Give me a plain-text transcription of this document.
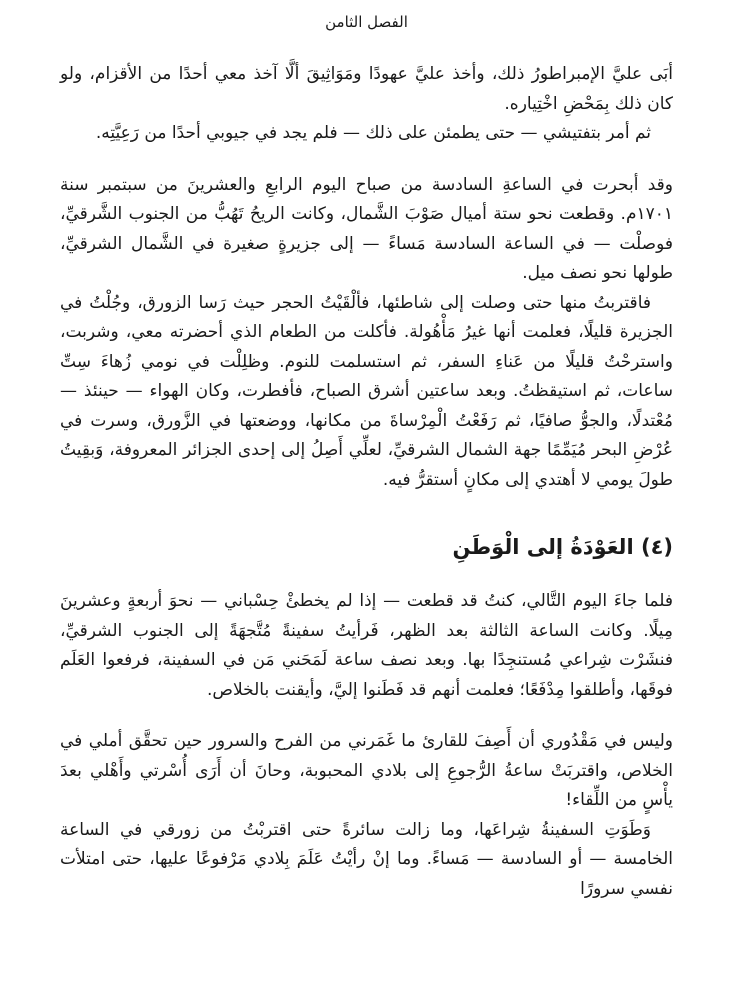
الفصل الثامن

أبَى عليَّ الإمبراطورُ ذلك، وأخذ عليَّ عهودًا ومَوَاثِيقَ ألَّا آخذ معي أحدًا من الأقزام، ولو كان ذلك بِمَحْضِ اخْتِياره.

ثم أمر بتفتيشي — حتى يطمئن على ذلك — فلم يجد في جيوبي أحدًا من رَعِيَّتِه.

وقد أبحرت في الساعةِ السادسة من صباح اليوم الرابعِ والعشرينَ من سبتمبر سنة ١٧٠١م. وقطعت نحو ستة أميال صَوْبَ الشَّمال، وكانت الريحُ تَهُبُّ من الجنوب الشَّرقيِّ، فوصلْت — في الساعة السادسة مَساءً — إلى جزيرةٍ صغيرة في الشَّمال الشرقيِّ، طولها نحو نصف ميل.

فاقتربتُ منها حتى وصلت إلى شاطئها، فألْقَيْتُ الحجر حيث رَسا الزورق، وجُلْتُ في الجزيرة قليلًا، فعلمت أنها غيرُ مَأْهُولة. فأكلت من الطعام الذي أحضرته معي، وشربت، واسترحْتُ قليلًا من عَناءِ السفر، ثم استسلمت للنوم. وظلِلْت في نومي زُهاءَ سِتِّ ساعات، ثم استيقظتُ. وبعد ساعتين أشرق الصباح، فأفطرت، وكان الهواء — حينئذ — مُعْتدلًا، والجوُّ صافيًا، ثم رَفَعْتُ الْمِرْساةَ من مكانها، ووضعتها في الزَّورق، وسرت في عُرْضِ البحر مُيَمِّمًا جهة الشمال الشرقيِّ، لعلِّي أَصِلُ إلى إحدى الجزائر المعروفة، وَبقِيتُ طولَ يومي لا أهتدي إلى مكانٍ أستقرُّ فيه.

(٤) العَوْدَةُ إلى الْوَطَنِ

فلما جاءَ اليوم التَّالي، كنتُ قد قطعت — إذا لم يخطئْ حِسْباني — نحوَ أربعةٍ وعشرينَ مِيلًا. وكانت الساعة الثالثة بعد الظهر، فَرأيتُ سفينةً مُتَّجهَةً إلى الجنوب الشرقيِّ، فنشَرْت شِراعي مُستنجِدًا بها. وبعد نصف ساعة لَمَحَني مَن في السفينة، فرفعوا العَلَم فوقَها، وأطلقوا مِدْفَعًا؛ فعلمت أنهم قد فَطَنوا إليَّ، وأيقنت بالخلاص.

وليس في مَقْدُوري أن أَصِفَ للقارئ ما غَمَرني من الفرح والسرور حين تحقَّق أملي في الخلاص، واقتربَتْ ساعةُ الرُّجوعِ إلى بلادي المحبوبة، وحانَ أن أَرَى أُسْرتي وأَهْلي بعدَ يأْسٍ من اللِّقاء!

وَطَوَتِ السفينةُ شِراعَها، وما زالت سائرةً حتى اقتربْتُ من زورقي في الساعة الخامسة — أو السادسة — مَساءً. وما إنْ رأيْتُ عَلَمَ بِلادي مَرْفوعًا عليها، حتى امتلأت نفسي سرورًا
